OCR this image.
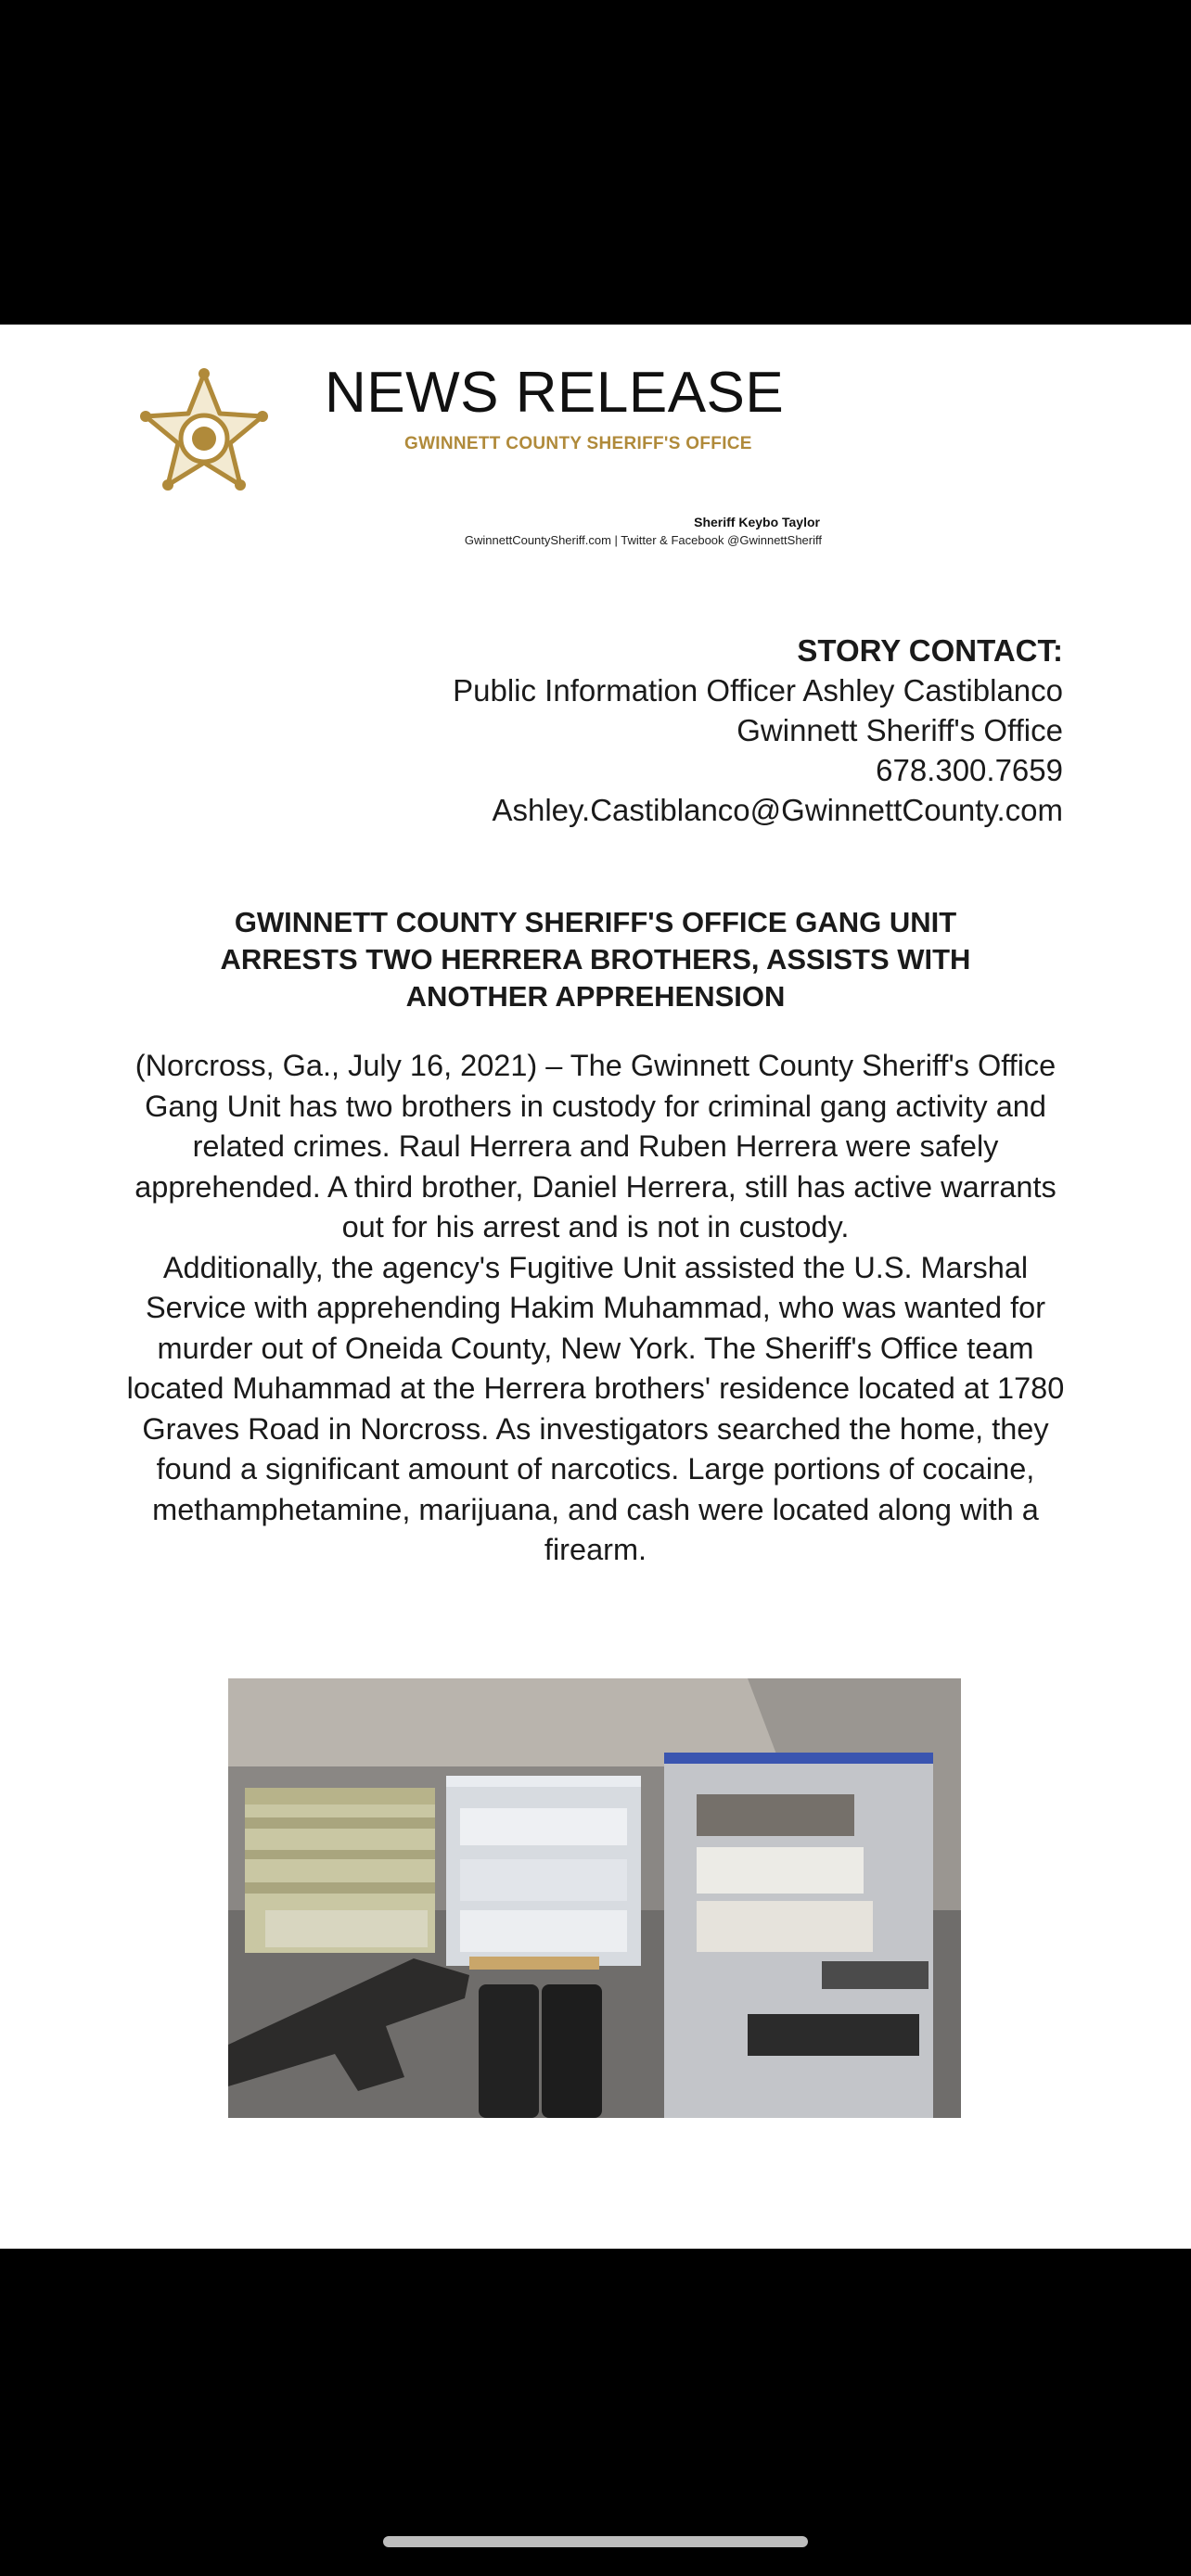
NEWS RELEASE
GWINNETT COUNTY SHERIFF'S OFFICE
Sheriff Keybo Taylor
GwinnettCountySheriff.com | Twitter & Facebook @GwinnettSheriff
STORY CONTACT:
Public Information Officer Ashley Castiblanco
Gwinnett Sheriff's Office
678.300.7659
Ashley.Castiblanco@GwinnettCounty.com
GWINNETT COUNTY SHERIFF'S OFFICE GANG UNIT
ARRESTS TWO HERRERA BROTHERS, ASSISTS WITH
ANOTHER APPREHENSION

(Norcross, Ga., July 16, 2021) – The Gwinnett County Sheriff's Office Gang Unit has two brothers in custody for criminal gang activity and related crimes. Raul Herrera and Ruben Herrera were safely apprehended. A third brother, Daniel Herrera, still has active warrants out for his arrest and is not in custody.

Additionally, the agency's Fugitive Unit assisted the U.S. Marshal Service with apprehending Hakim Muhammad, who was wanted for murder out of Oneida County, New York. The Sheriff's Office team located Muhammad at the Herrera brothers' residence located at 1780 Graves Road in Norcross. As investigators searched the home, they found a significant amount of narcotics. Large portions of cocaine, methamphetamine, marijuana, and cash were located along with a firearm.
